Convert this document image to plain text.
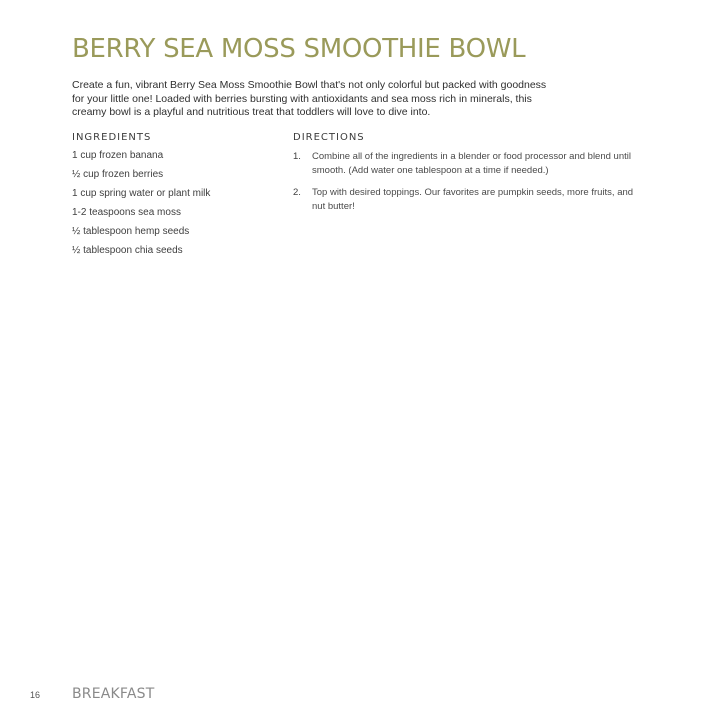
BERRY SEA MOSS SMOOTHIE BOWL

Create a fun, vibrant Berry Sea Moss Smoothie Bowl that's not only colorful but packed with goodness for your little one! Loaded with berries bursting with antioxidants and sea moss rich in minerals, this creamy bowl is a playful and nutritious treat that toddlers will love to dive into.

INGREDIENTS
1 cup frozen banana
½ cup frozen berries
1 cup spring water or plant milk
1-2 teaspoons sea moss
½ tablespoon hemp seeds
½ tablespoon chia seeds
DIRECTIONS
1.	Combine all of the ingredients in a blender or food processor and blend until smooth. (Add water one tablespoon at a time if needed.)
2.	Top with desired toppings. Our favorites are pumpkin seeds, more fruits, and nut butter!
16 BREAKFAST
